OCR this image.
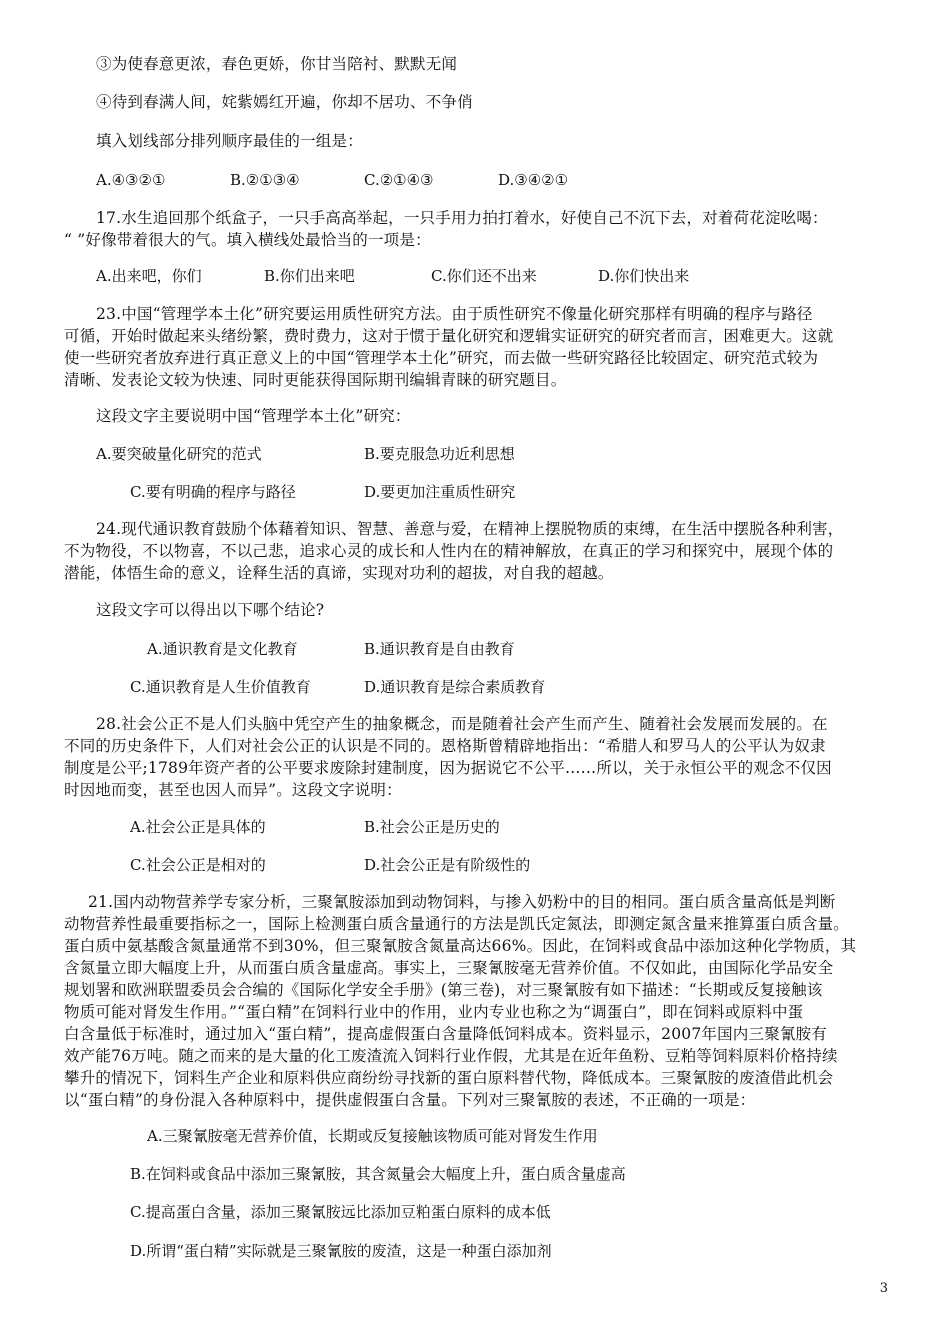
③为使春意更浓，春色更娇，你甘当陪衬、默默无闻
④待到春满人间，姹紫嫣红开遍，你却不居功、不争俏
填入划线部分排列顺序最佳的一组是：
A.④③②①	B.②①③④	C.②①④③	D.③④②①
17.水生追回那个纸盒子，一只手高高举起，一只手用力拍打着水，好使自己不沉下去，对着荷花淀吆喝：
“ ”好像带着很大的气。填入横线处最恰当的一项是：
A.出来吧，你们	B.你们出来吧	C.你们还不出来	D.你们快出来
23.中国“管理学本土化”研究要运用质性研究方法。由于质性研究不像量化研究那样有明确的程序与路径
可循，开始时做起来头绪纷繁，费时费力，这对于惯于量化研究和逻辑实证研究的研究者而言，困难更大。这就
使一些研究者放弃进行真正意义上的中国“管理学本土化”研究，而去做一些研究路径比较固定、研究范式较为
清晰、发表论文较为快速、同时更能获得国际期刊编辑青睐的研究题目。
这段文字主要说明中国“管理学本土化”研究：
A.要突破量化研究的范式	B.要克服急功近利思想
C.要有明确的程序与路径	D.要更加注重质性研究
24.现代通识教育鼓励个体藉着知识、智慧、善意与爱，在精神上摆脱物质的束缚，在生活中摆脱各种利害，
不为物役，不以物喜，不以己悲，追求心灵的成长和人性内在的精神解放，在真正的学习和探究中，展现个体的
潜能，体悟生命的意义，诠释生活的真谛，实现对功利的超拔，对自我的超越。
这段文字可以得出以下哪个结论?
A.通识教育是文化教育	B.通识教育是自由教育
C.通识教育是人生价值教育	D.通识教育是综合素质教育
28.社会公正不是人们头脑中凭空产生的抽象概念，而是随着社会产生而产生、随着社会发展而发展的。在
不同的历史条件下，人们对社会公正的认识是不同的。恩格斯曾精辟地指出：“希腊人和罗马人的公平认为奴隶
制度是公平;1789年资产者的公平要求废除封建制度，因为据说它不公平……所以，关于永恒公平的观念不仅因
时因地而变，甚至也因人而异”。这段文字说明：
A.社会公正是具体的	B.社会公正是历史的
C.社会公正是相对的	D.社会公正是有阶级性的
21.国内动物营养学专家分析，三聚氰胺添加到动物饲料，与掺入奶粉中的目的相同。蛋白质含量高低是判断
动物营养性最重要指标之一，国际上检测蛋白质含量通行的方法是凯氏定氮法，即测定氮含量来推算蛋白质含量。
蛋白质中氨基酸含氮量通常不到30%，但三聚氰胺含氮量高达66%。因此，在饲料或食品中添加这种化学物质，其
含氮量立即大幅度上升，从而蛋白质含量虚高。事实上，三聚氰胺毫无营养价值。不仅如此，由国际化学品安全
规划署和欧洲联盟委员会合编的《国际化学安全手册》(第三卷)，对三聚氰胺有如下描述：“长期或反复接触该
物质可能对肾发生作用。”“蛋白精”在饲料行业中的作用，业内专业也称之为“调蛋白”，即在饲料或原料中蛋
白含量低于标准时，通过加入“蛋白精”，提高虚假蛋白含量降低饲料成本。资料显示，2007年国内三聚氰胺有
效产能76万吨。随之而来的是大量的化工废渣流入饲料行业作假，尤其是在近年鱼粉、豆粕等饲料原料价格持续
攀升的情况下，饲料生产企业和原料供应商纷纷寻找新的蛋白原料替代物，降低成本。三聚氰胺的废渣借此机会
以“蛋白精”的身份混入各种原料中，提供虚假蛋白含量。下列对三聚氰胺的表述，不正确的一项是：
A.三聚氰胺毫无营养价值，长期或反复接触该物质可能对肾发生作用
B.在饲料或食品中添加三聚氰胺，其含氮量会大幅度上升，蛋白质含量虚高
C.提高蛋白含量，添加三聚氰胺远比添加豆粕蛋白原料的成本低
D.所谓“蛋白精”实际就是三聚氰胺的废渣，这是一种蛋白添加剂
3
